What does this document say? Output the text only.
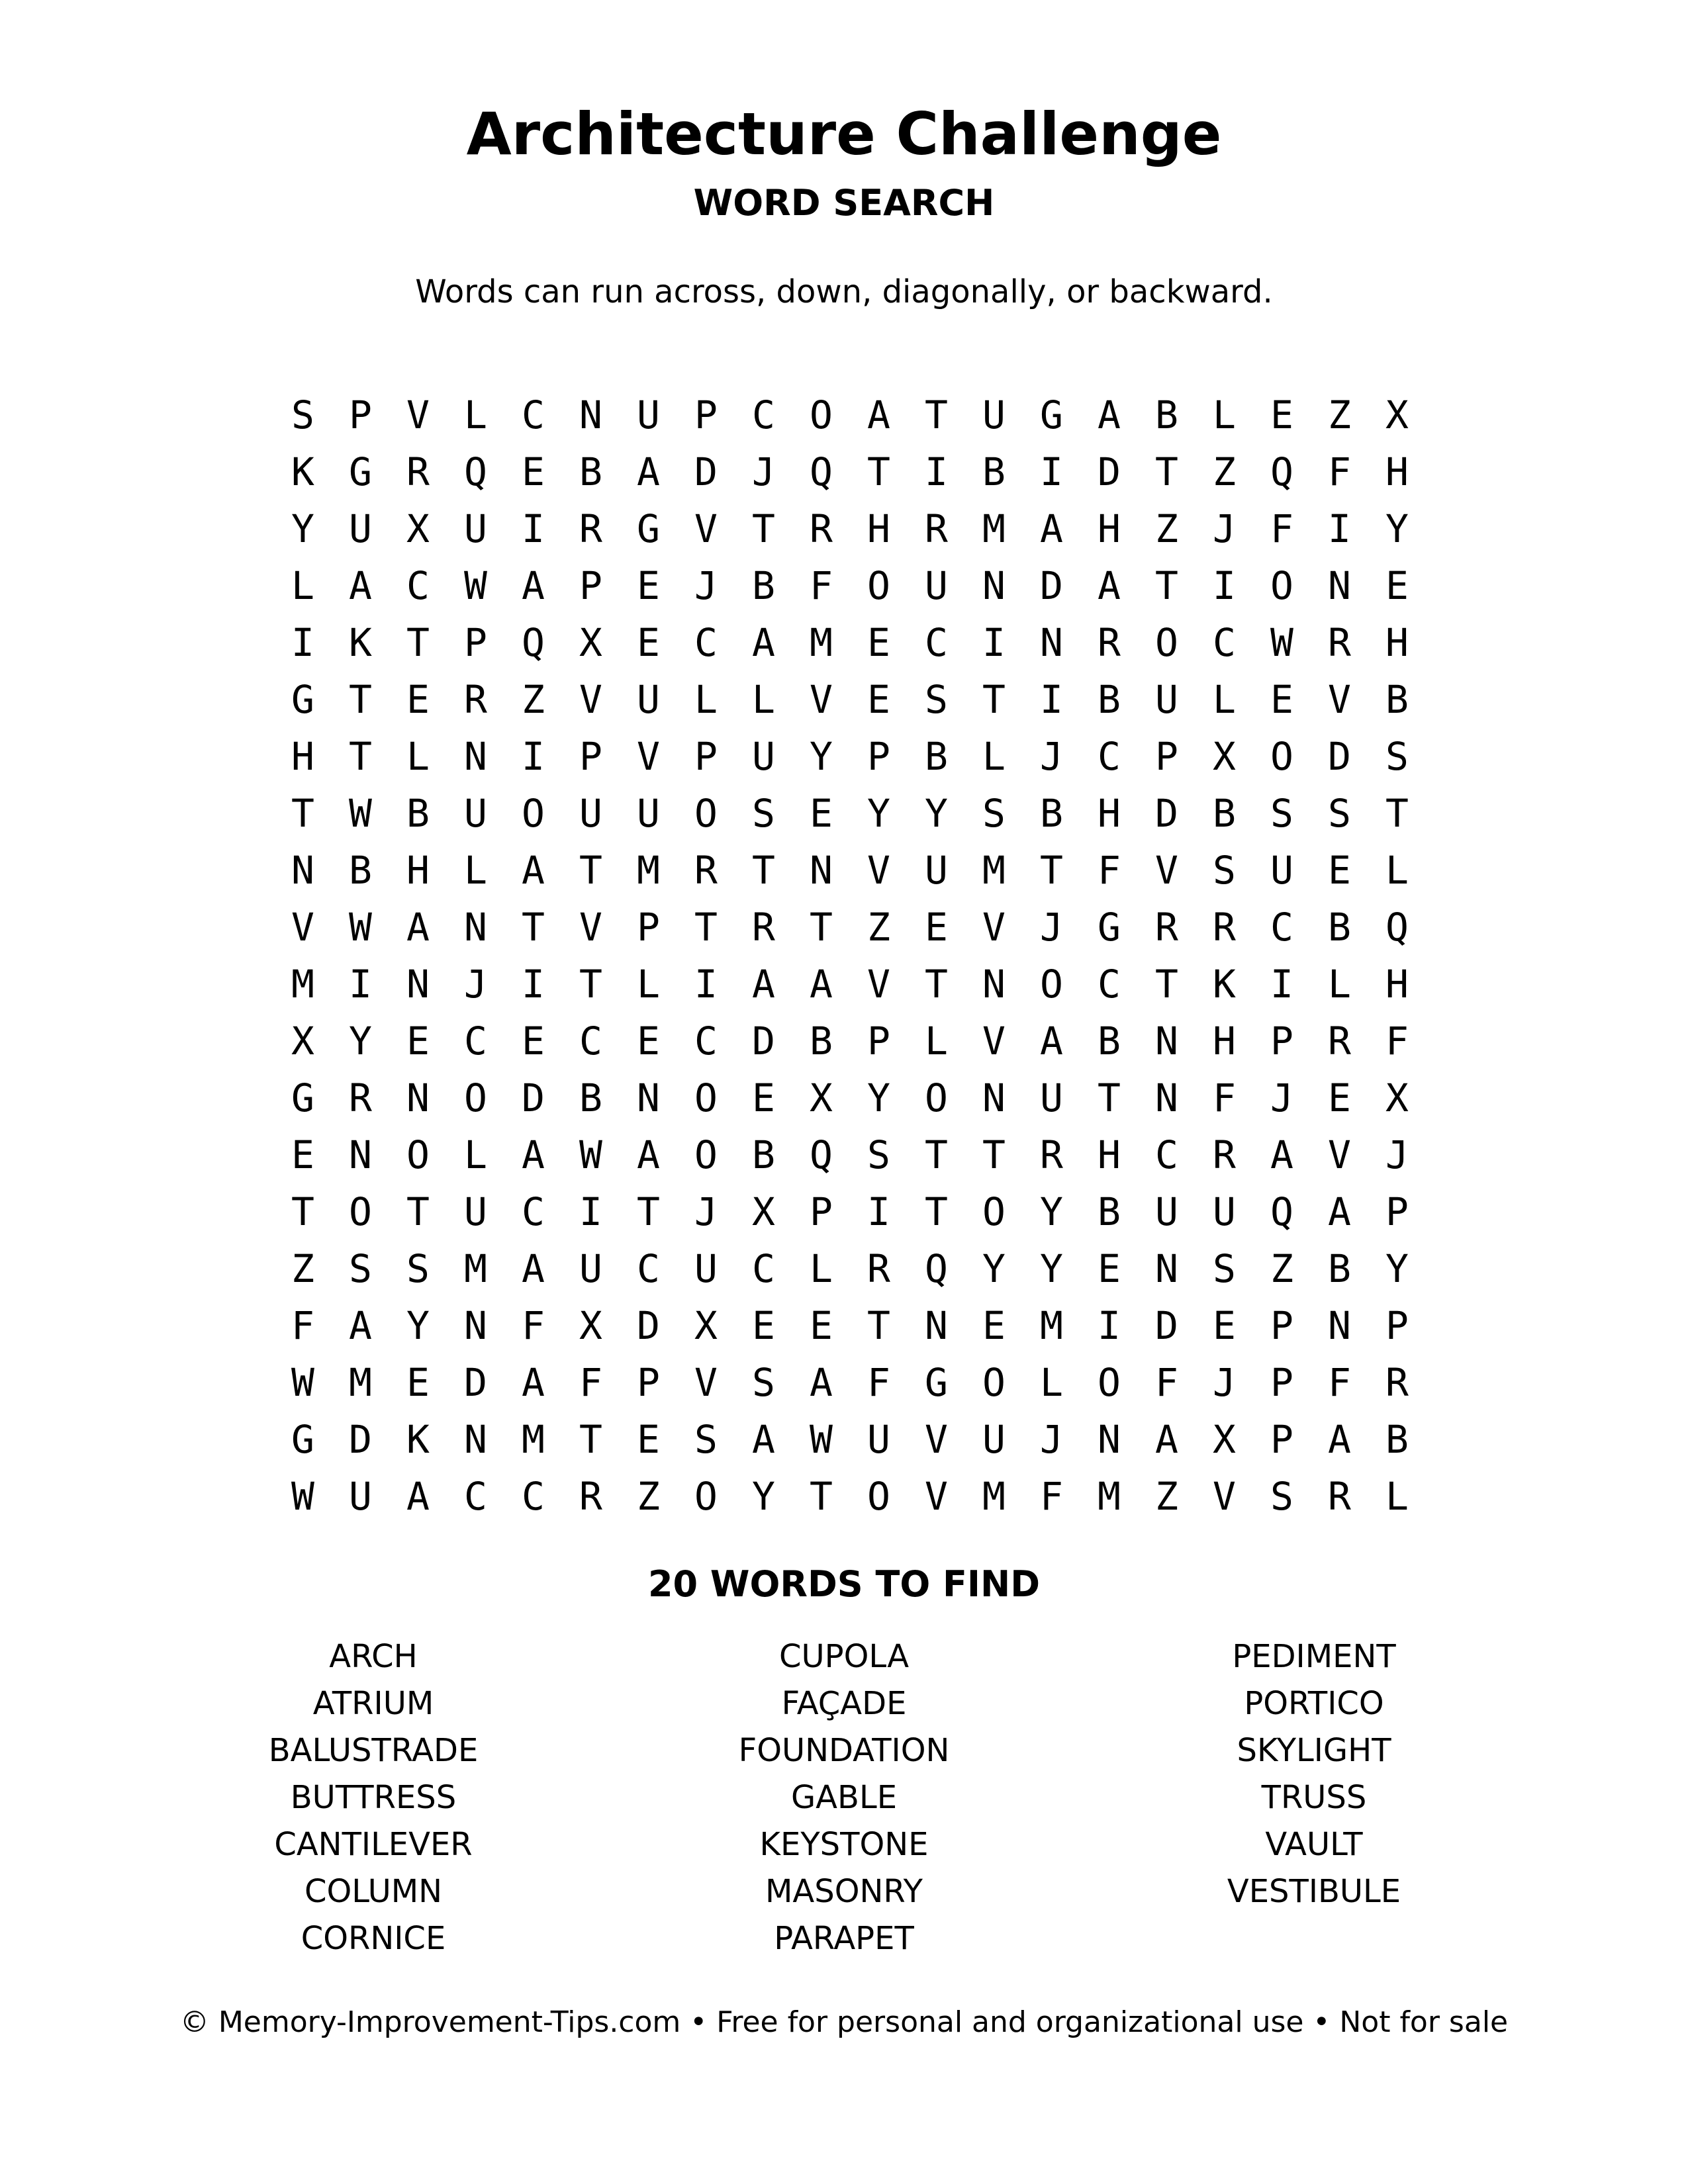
Architecture Challenge
WORD SEARCH
Words can run across, down, diagonally, or backward.
S P V L C N U P C O A T U G A B L E Z X
K G R Q E B A D J Q T I B I D T Z Q F H
Y U X U I R G V T R H R M A H Z J F I Y
L A C W A P E J B F O U N D A T I O N E
I K T P Q X E C A M E C I N R O C W R H
G T E R Z V U L L V E S T I B U L E V B
H T L N I P V P U Y P B L J C P X O D S
T W B U O U U O S E Y Y S B H D B S S T
N B H L A T M R T N V U M T F V S U E L
V W A N T V P T R T Z E V J G R R C B Q
M I N J I T L I A A V T N O C T K I L H
X Y E C E C E C D B P L V A B N H P R F
G R N O D B N O E X Y O N U T N F J E X
E N O L A W A O B Q S T T R H C R A V J
T O T U C I T J X P I T O Y B U U Q A P
Z S S M A U C U C L R Q Y Y E N S Z B Y
F A Y N F X D X E E T N E M I D E P N P
W M E D A F P V S A F G O L O F J P F R
G D K N M T E S A W U V U J N A X P A B
W U A C C R Z O Y T O V M F M Z V S R L
20 WORDS TO FIND
ARCH
ATRIUM
BALUSTRADE
BUTTRESS
CANTILEVER
COLUMN
CORNICE
CUPOLA
FAÇADE
FOUNDATION
GABLE
KEYSTONE
MASONRY
PARAPET
PEDIMENT
PORTICO
SKYLIGHT
TRUSS
VAULT
VESTIBULE
© Memory-Improvement-Tips.com • Free for personal and organizational use • Not for sale
